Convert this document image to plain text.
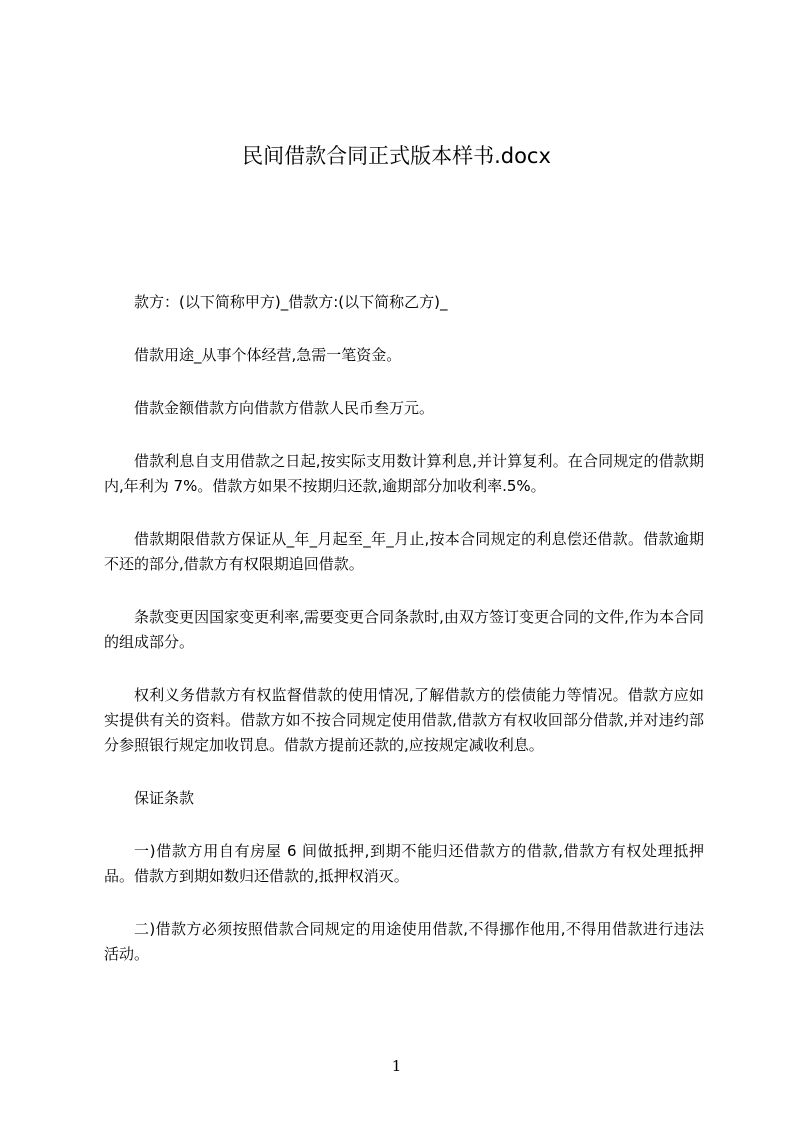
民间借款合同正式版本样书.docx

款方：(以下简称甲方)_借款方:(以下简称乙方)_

借款用途_从事个体经营,急需一笔资金。

借款金额借款方向借款方借款人民币叁万元。

借款利息自支用借款之日起,按实际支用数计算利息,并计算复利。在合同规定的借款期内,年利为 7%。借款方如果不按期归还款,逾期部分加收利率.5%。

借款期限借款方保证从_年_月起至_年_月止,按本合同规定的利息偿还借款。借款逾期不还的部分,借款方有权限期追回借款。

条款变更因国家变更利率,需要变更合同条款时,由双方签订变更合同的文件,作为本合同的组成部分。

权利义务借款方有权监督借款的使用情况,了解借款方的偿债能力等情况。借款方应如实提供有关的资料。借款方如不按合同规定使用借款,借款方有权收回部分借款,并对违约部分参照银行规定加收罚息。借款方提前还款的,应按规定减收利息。

保证条款

一)借款方用自有房屋 6 间做抵押,到期不能归还借款方的借款,借款方有权处理抵押品。借款方到期如数归还借款的,抵押权消灭。

二)借款方必须按照借款合同规定的用途使用借款,不得挪作他用,不得用借款进行违法活动。

1
